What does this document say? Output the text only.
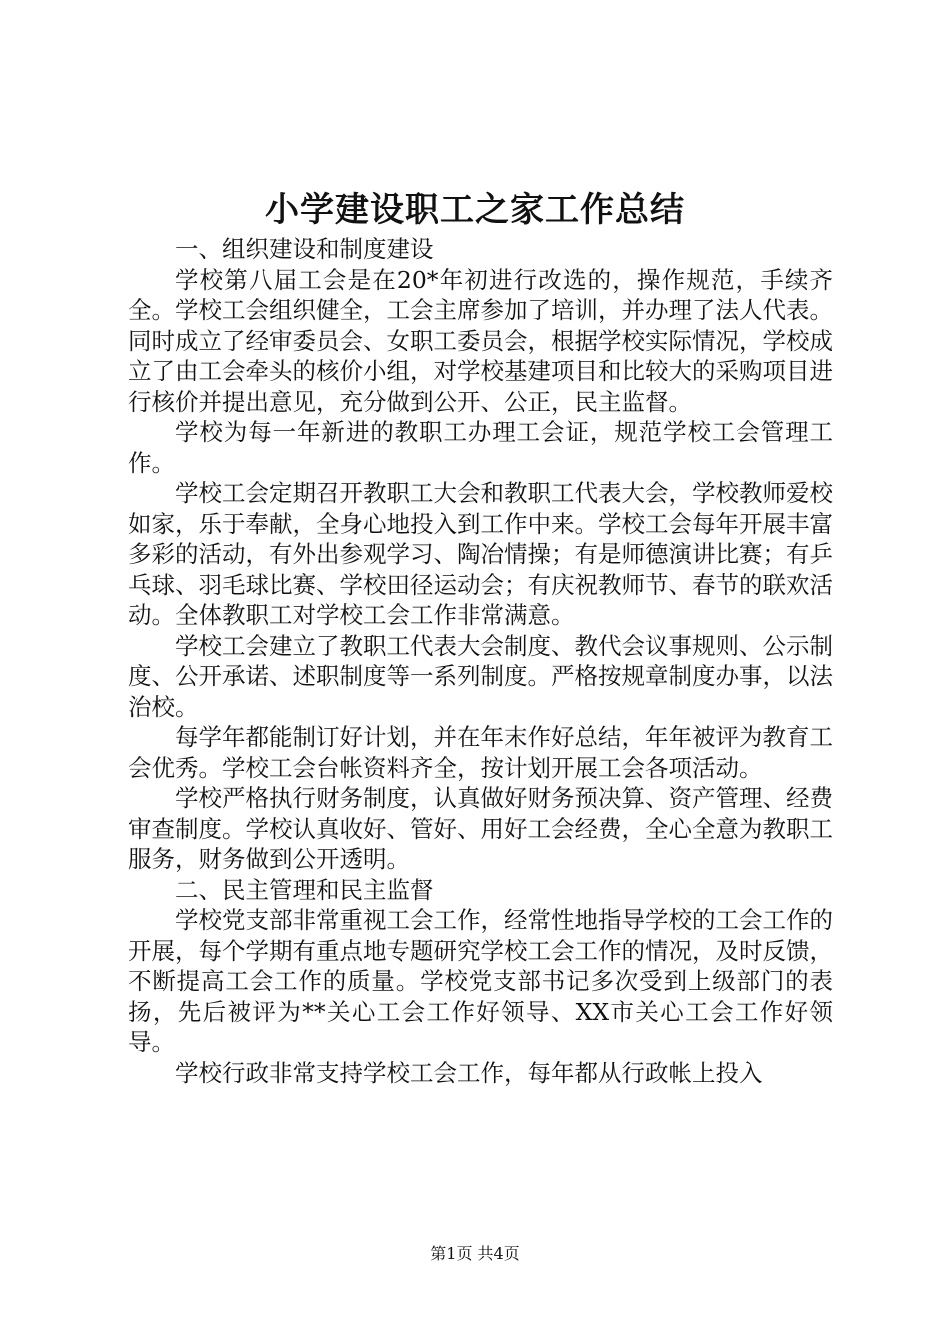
小学建设职工之家工作总结

一、组织建设和制度建设

学校第八届工会是在20*年初进行改选的，操作规范，手续齐全。学校工会组织健全，工会主席参加了培训，并办理了法人代表。同时成立了经审委员会、女职工委员会，根据学校实际情况，学校成立了由工会牵头的核价小组，对学校基建项目和比较大的采购项目进行核价并提出意见，充分做到公开、公正，民主监督。

学校为每一年新进的教职工办理工会证，规范学校工会管理工作。

学校工会定期召开教职工大会和教职工代表大会，学校教师爱校如家，乐于奉献，全身心地投入到工作中来。学校工会每年开展丰富多彩的活动，有外出参观学习、陶冶情操；有是师德演讲比赛；有乒乓球、羽毛球比赛、学校田径运动会；有庆祝教师节、春节的联欢活动。全体教职工对学校工会工作非常满意。

学校工会建立了教职工代表大会制度、教代会议事规则、公示制度、公开承诺、述职制度等一系列制度。严格按规章制度办事，以法治校。

每学年都能制订好计划，并在年末作好总结，年年被评为教育工会优秀。学校工会台帐资料齐全，按计划开展工会各项活动。

学校严格执行财务制度，认真做好财务预决算、资产管理、经费审查制度。学校认真收好、管好、用好工会经费，全心全意为教职工服务，财务做到公开透明。

二、民主管理和民主监督

学校党支部非常重视工会工作，经常性地指导学校的工会工作的开展，每个学期有重点地专题研究学校工会工作的情况，及时反馈，不断提高工会工作的质量。学校党支部书记多次受到上级部门的表扬，先后被评为**关心工会工作好领导、XX市关心工会工作好领导。

学校行政非常支持学校工会工作，每年都从行政帐上投入

第1页 共4页
